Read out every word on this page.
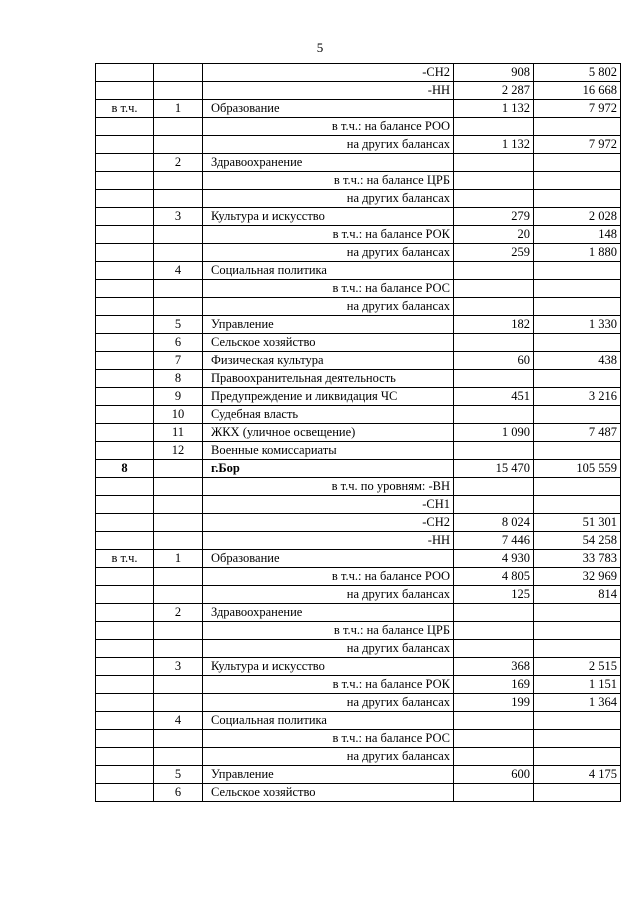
5
		-СН2	908	5 802
		-НН	2 287	16 668
в т.ч.	1	Образование	1 132	7 972
		в т.ч.: на балансе РОО		
		на других балансах	1 132	7 972
	2	Здравоохранение		
		в т.ч.: на балансе ЦРБ		
		на других балансах		
	3	Культура и искусство	279	2 028
		в т.ч.: на балансе РОК	20	148
		на других балансах	259	1 880
	4	Социальная политика		
		в т.ч.: на балансе РОС		
		на других балансах		
	5	Управление	182	1 330
	6	Сельское хозяйство		
	7	Физическая культура	60	438
	8	Правоохранительная деятельность		
	9	Предупреждение и ликвидация ЧС	451	3 216
	10	Судебная власть		
	11	ЖКХ (уличное освещение)	1 090	7 487
	12	Военные комиссариаты		
8		г.Бор	15 470	105 559
		в т.ч. по уровням: -ВН		
		-СН1		
		-СН2	8 024	51 301
		-НН	7 446	54 258
в т.ч.	1	Образование	4 930	33 783
		в т.ч.: на балансе РОО	4 805	32 969
		на других балансах	125	814
	2	Здравоохранение		
		в т.ч.: на балансе ЦРБ		
		на других балансах		
	3	Культура и искусство	368	2 515
		в т.ч.: на балансе РОК	169	1 151
		на других балансах	199	1 364
	4	Социальная политика		
		в т.ч.: на балансе РОС		
		на других балансах		
	5	Управление	600	4 175
	6	Сельское хозяйство		
